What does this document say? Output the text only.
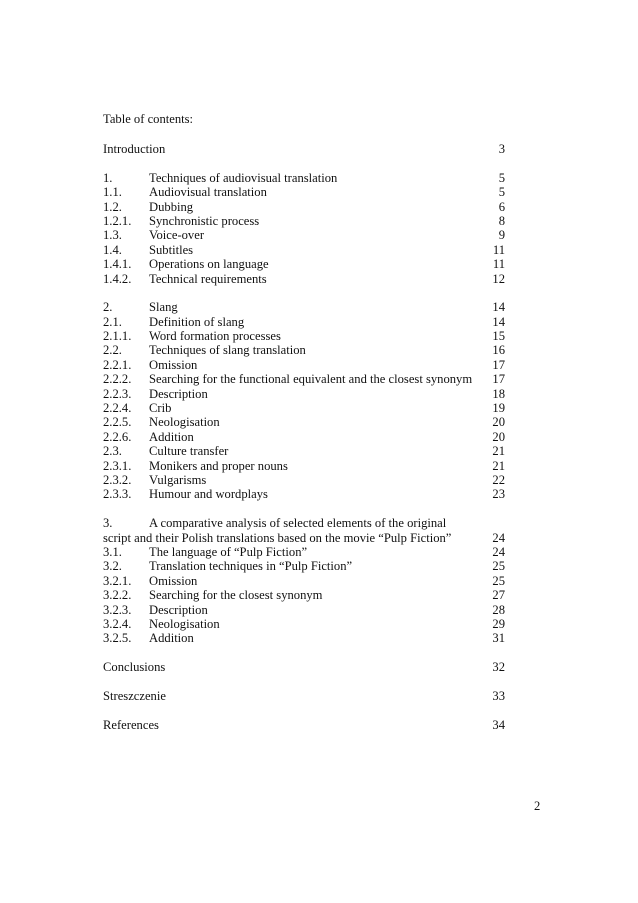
Table of contents:
Introduction	3
1.	Techniques of audiovisual translation	5
1.1. Audiovisual translation	5
1.2. Dubbing	6
1.2.1. Synchronistic process	8
1.3. Voice-over	9
1.4. Subtitles	11
1.4.1. Operations on language	11
1.4.2. Technical requirements	12
2.	Slang	14
2.1. Definition of slang	14
2.1.1. Word formation processes	15
2.2. Techniques of slang translation	16
2.2.1. Omission	17
2.2.2. Searching for the functional equivalent and the closest synonym 17
2.2.3. Description	18
2.2.4. Crib	19
2.2.5. Neologisation	20
2.2.6. Addition	20
2.3. Culture transfer	21
2.3.1. Monikers and proper nouns	21
2.3.2. Vulgarisms	22
2.3.3. Humour and wordplays	23
3.	A comparative analysis of selected elements of the original
script and their Polish translations based on the movie “Pulp Fiction”	24
3.1. The language of “Pulp Fiction”	24
3.2. Translation techniques in “Pulp Fiction”	25
3.2.1. Omission	25
3.2.2. Searching for the closest synonym	27
3.2.3. Description	28
3.2.4. Neologisation	29
3.2.5. Addition	31
Conclusions	32
Streszczenie	33
References	34
2
